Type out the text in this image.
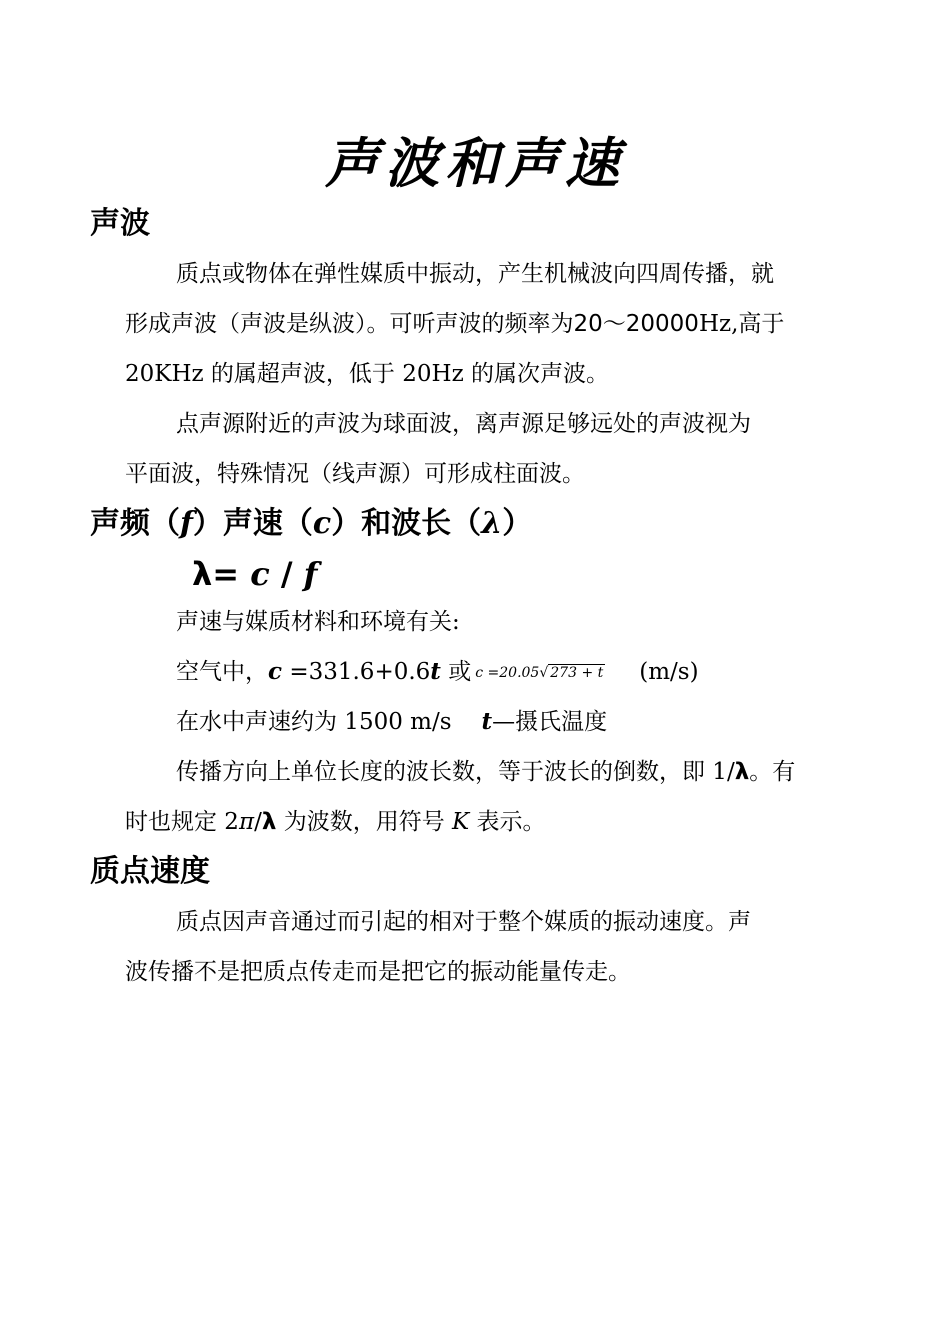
声波和声速
声波
质点或物体在弹性媒质中振动，产生机械波向四周传播，就
形成声波（声波是纵波）。可听声波的频率为20～20000Hz,高于
20KHz 的属超声波，低于 20Hz 的属次声波。
点声源附近的声波为球面波，离声源足够远处的声波视为
平面波，特殊情况（线声源）可形成柱面波。
声频（f）声速（c）和波长（λ）
λ= c / f
声速与媒质材料和环境有关:
空气中，c =331.6+0.6t 或 c =20.05√ 273 + t (m/s)
在水中声速约为 1500 m/s t—摄氏温度
传播方向上单位长度的波长数，等于波长的倒数，即 1/λ。有
时也规定 2π/λ 为波数，用符号 K 表示。
质点速度
质点因声音通过而引起的相对于整个媒质的振动速度。声
波传播不是把质点传走而是把它的振动能量传走。
